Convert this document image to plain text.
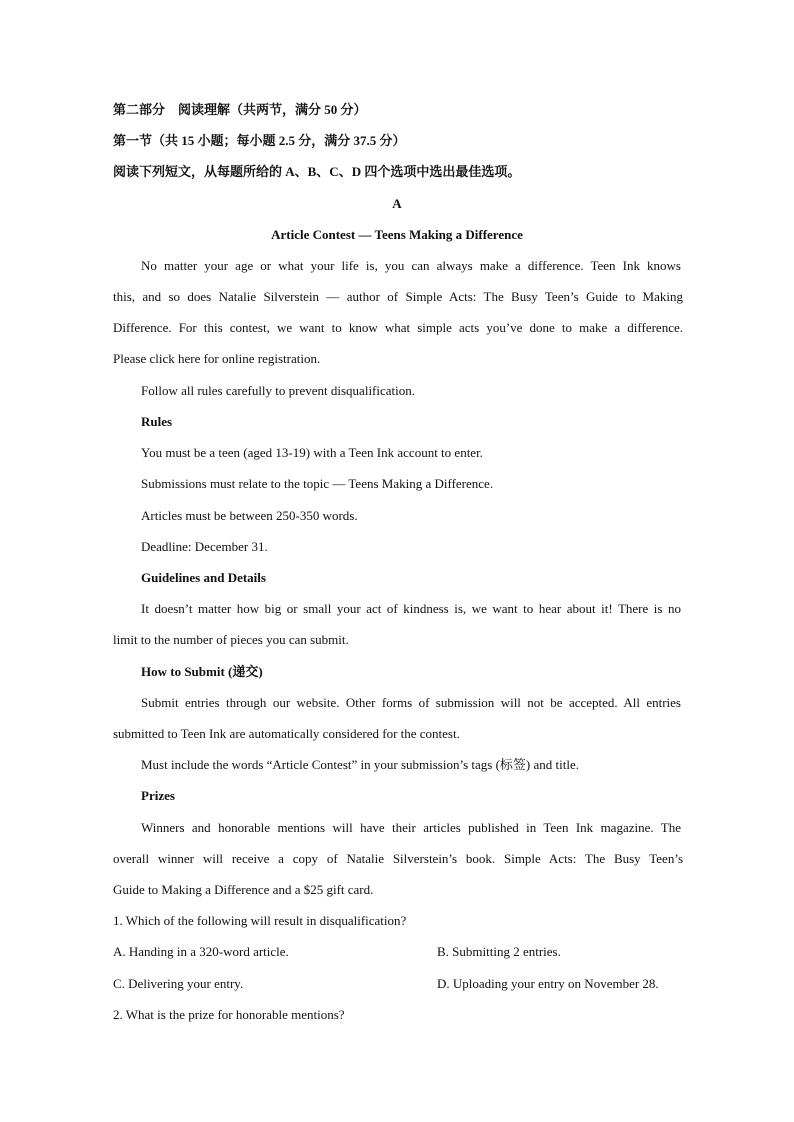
第二部分　阅读理解（共两节，满分 50 分）
第一节（共 15 小题；每小题 2.5 分，满分 37.5 分）
阅读下列短文，从每题所给的 A、B、C、D 四个选项中选出最佳选项。
A
Article Contest — Teens Making a Difference
No matter your age or what your life is, you can always make a difference. Teen Ink knows
this, and so does Natalie Silverstein — author of Simple Acts: The Busy Teen’s Guide to Making
Difference. For this contest, we want to know what simple acts you’ve done to make a difference.
Please click here for online registration.
Follow all rules carefully to prevent disqualification.
Rules
You must be a teen (aged 13-19) with a Teen Ink account to enter.
Submissions must relate to the topic — Teens Making a Difference.
Articles must be between 250-350 words.
Deadline: December 31.
Guidelines and Details
It doesn’t matter how big or small your act of kindness is, we want to hear about it! There is no
limit to the number of pieces you can submit.
How to Submit (递交)
Submit entries through our website. Other forms of submission will not be accepted. All entries
submitted to Teen Ink are automatically considered for the contest.
Must include the words “Article Contest” in your submission’s tags (标签) and title.
Prizes
Winners and honorable mentions will have their articles published in Teen Ink magazine. The
overall winner will receive a copy of Natalie Silverstein’s book. Simple Acts: The Busy Teen’s
Guide to Making a Difference and a $25 gift card.
1. Which of the following will result in disqualification?
A. Handing in a 320-word article.	B. Submitting 2 entries.
C. Delivering your entry.	D. Uploading your entry on November 28.
2. What is the prize for honorable mentions?
